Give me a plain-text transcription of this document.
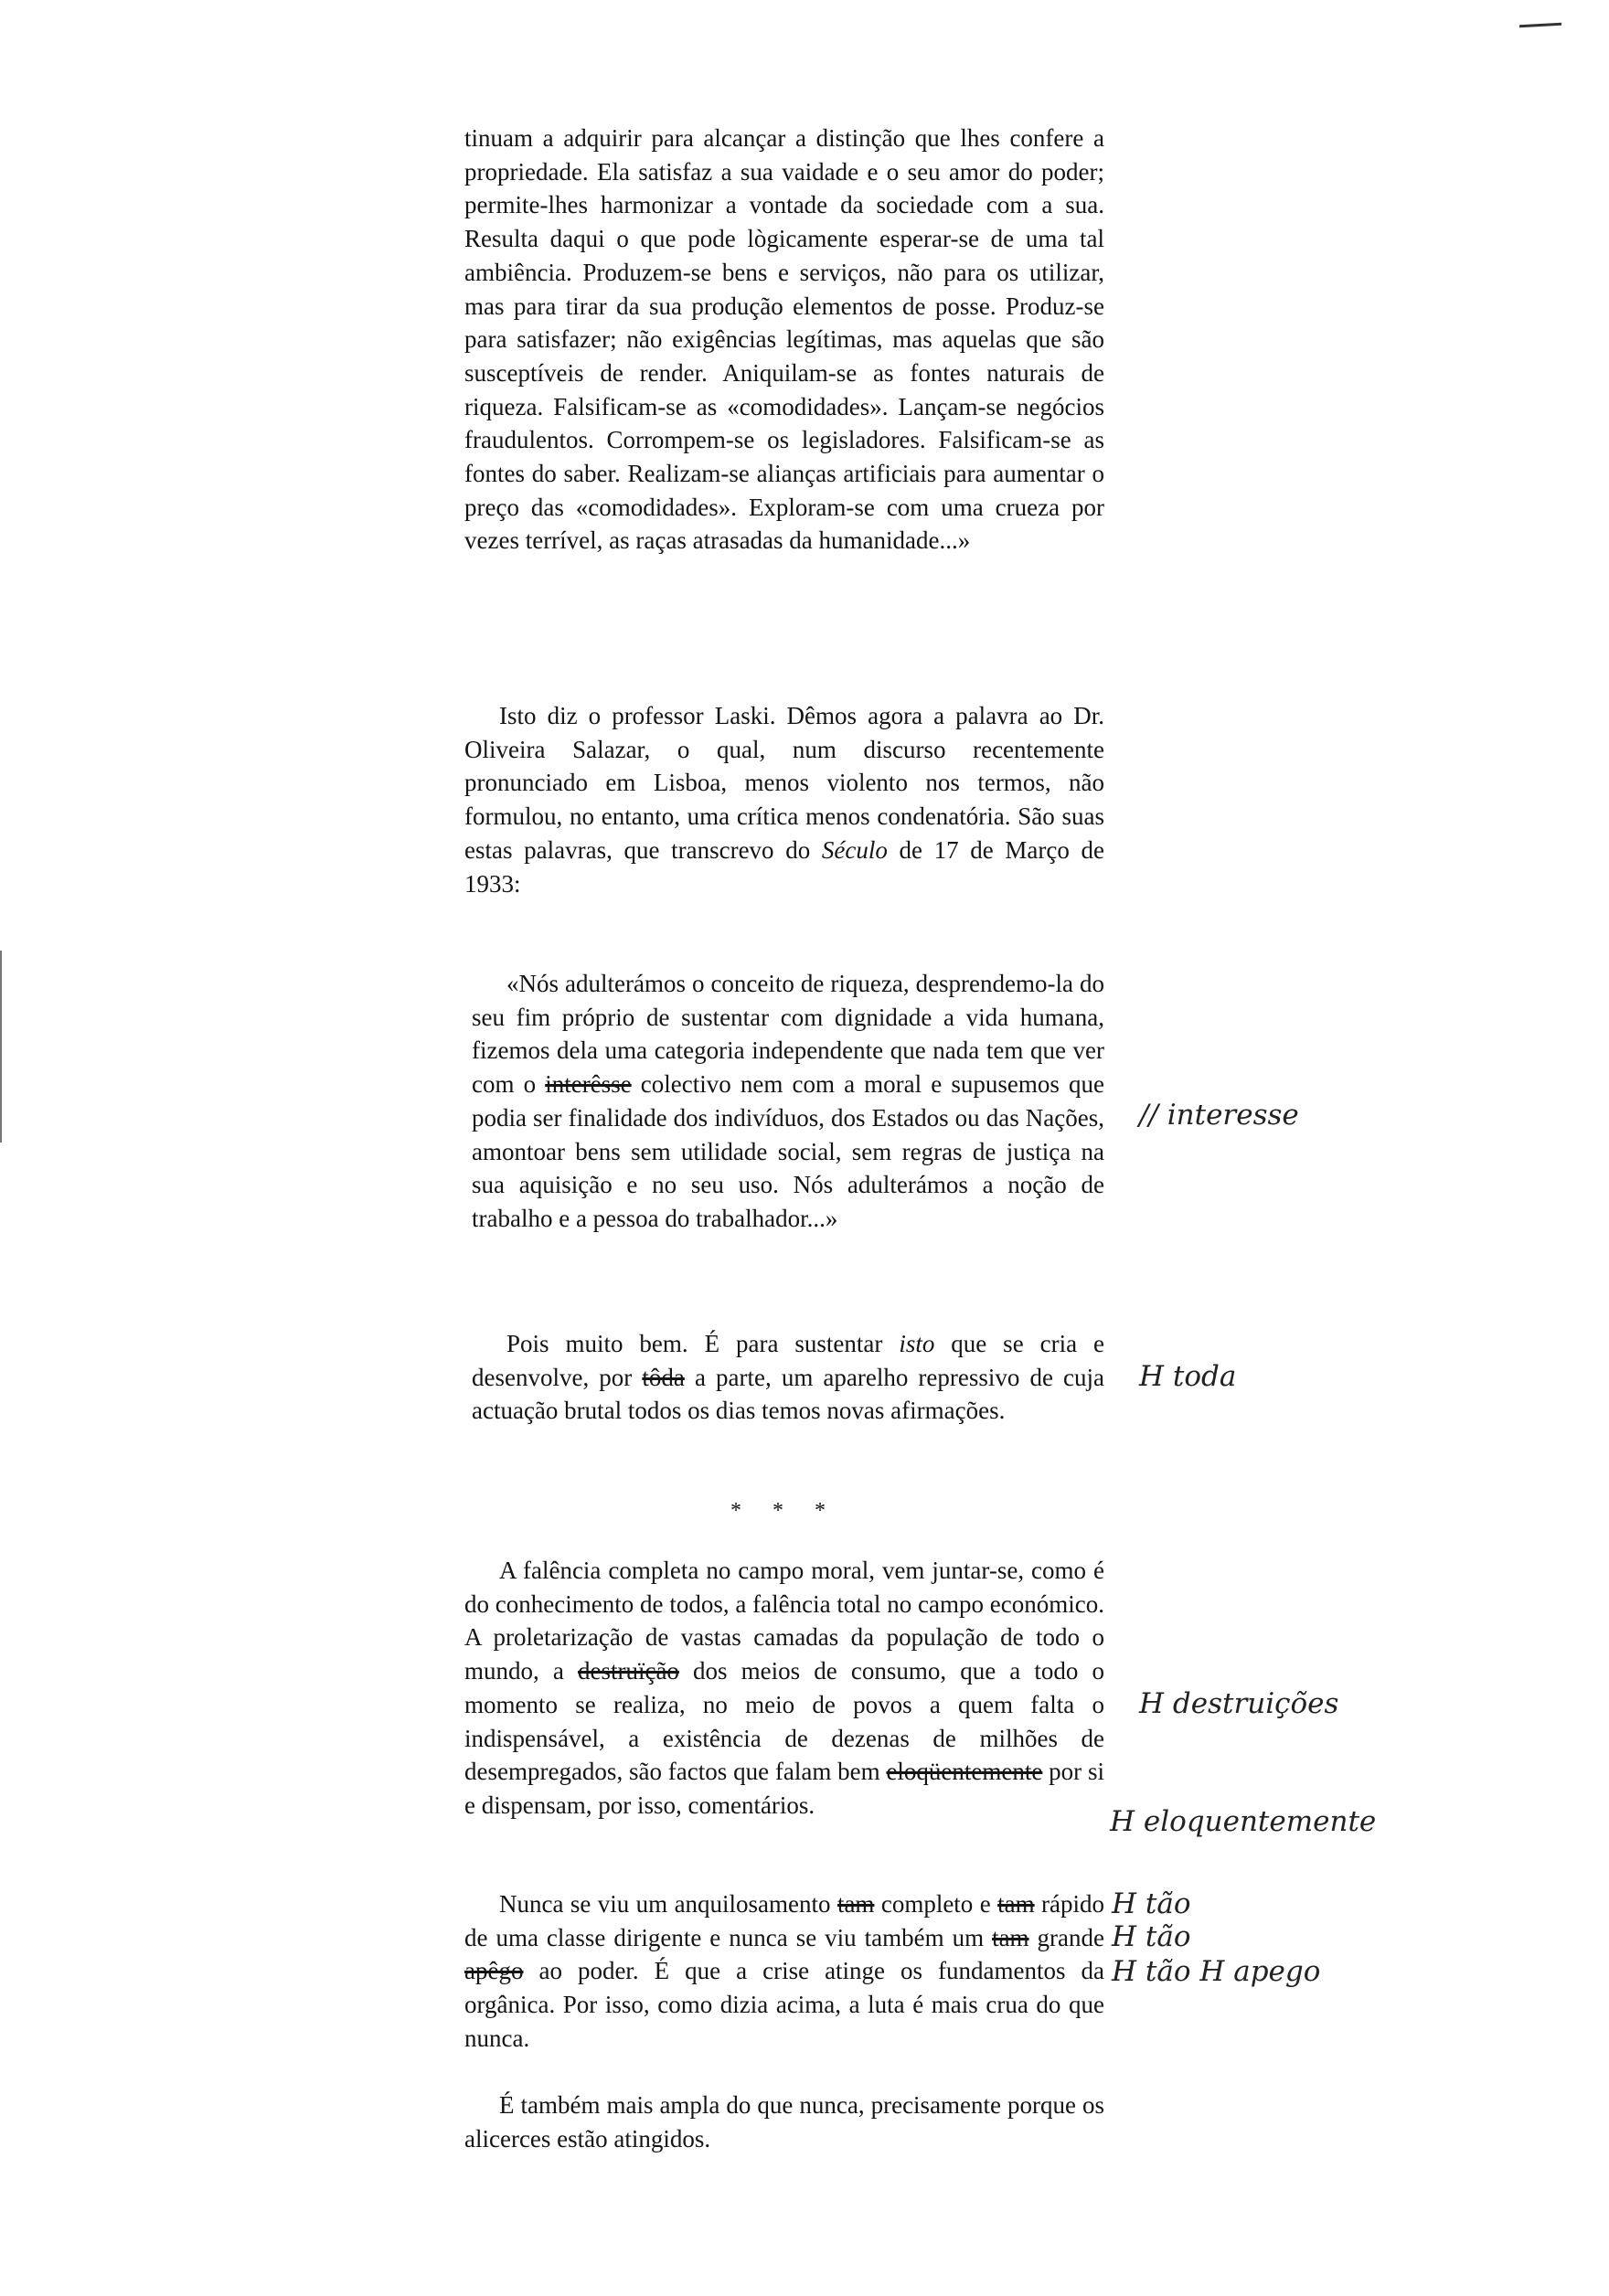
tinuam a adquirir para alcançar a distinção que lhes confere a propriedade. Ela satisfaz a sua vaidade e o seu amor do poder; permite-lhes harmonizar a vontade da sociedade com a sua. Resulta daqui o que pode lògicamente esperar-se de uma tal ambiência. Produzem-se bens e serviços, não para os utilizar, mas para tirar da sua produção elementos de posse. Produz-se para satisfazer; não exigências legítimas, mas aquelas que são susceptíveis de render. Aniquilam-se as fontes naturais de riqueza. Falsificam-se as «comodidades». Lançam-se negócios fraudulentos. Corrompem-se os legisladores. Falsificam-se as fontes do saber. Realizam-se alianças artificiais para aumentar o preço das «comodidades». Exploram-se com uma crueza por vezes terrível, as raças atrasadas da humanidade...»

Isto diz o professor Laski. Dêmos agora a palavra ao Dr. Oliveira Salazar, o qual, num discurso recentemente pronunciado em Lisboa, menos violento nos termos, não formulou, no entanto, uma crítica menos condenatória. São suas estas palavras, que transcrevo do Século de 17 de Março de 1933:

«Nós adulterámos o conceito de riqueza, desprendemo-la do seu fim próprio de sustentar com dignidade a vida humana, fizemos dela uma categoria independente que nada tem que ver com o interêsse colectivo nem com a moral e supusemos que podia ser finalidade dos indivíduos, dos Estados ou das Nações, amontoar bens sem utilidade social, sem regras de justiça na sua aquisição e no seu uso. Nós adulterámos a noção de trabalho e a pessoa do trabalhador...»

Pois muito bem. É para sustentar isto que se cria e desenvolve, por tôda a parte, um aparelho repressivo de cuja actuação brutal todos os dias temos novas afirmações.

* * *

A falência completa no campo moral, vem juntar-se, como é do conhecimento de todos, a falência total no campo económico. A proletarização de vastas camadas da população de todo o mundo, a destruïção dos meios de consumo, que a todo o momento se realiza, no meio de povos a quem falta o indispensável, a existência de dezenas de milhões de desempregados, são factos que falam bem eloqüentemente por si e dispensam, por isso, comentários.

Nunca se viu um anquilosamento tam completo e tam rápido de uma classe dirigente e nunca se viu também um tam grande apêgo ao poder. É que a crise atinge os fundamentos da orgânica. Por isso, como dizia acima, a luta é mais crua do que nunca.

É também mais ampla do que nunca, precisamente porque os alicerces estão atingidos.

// interesse
H toda
H destruições
H eloquentemente
H tão
H tão
H tão H apego
